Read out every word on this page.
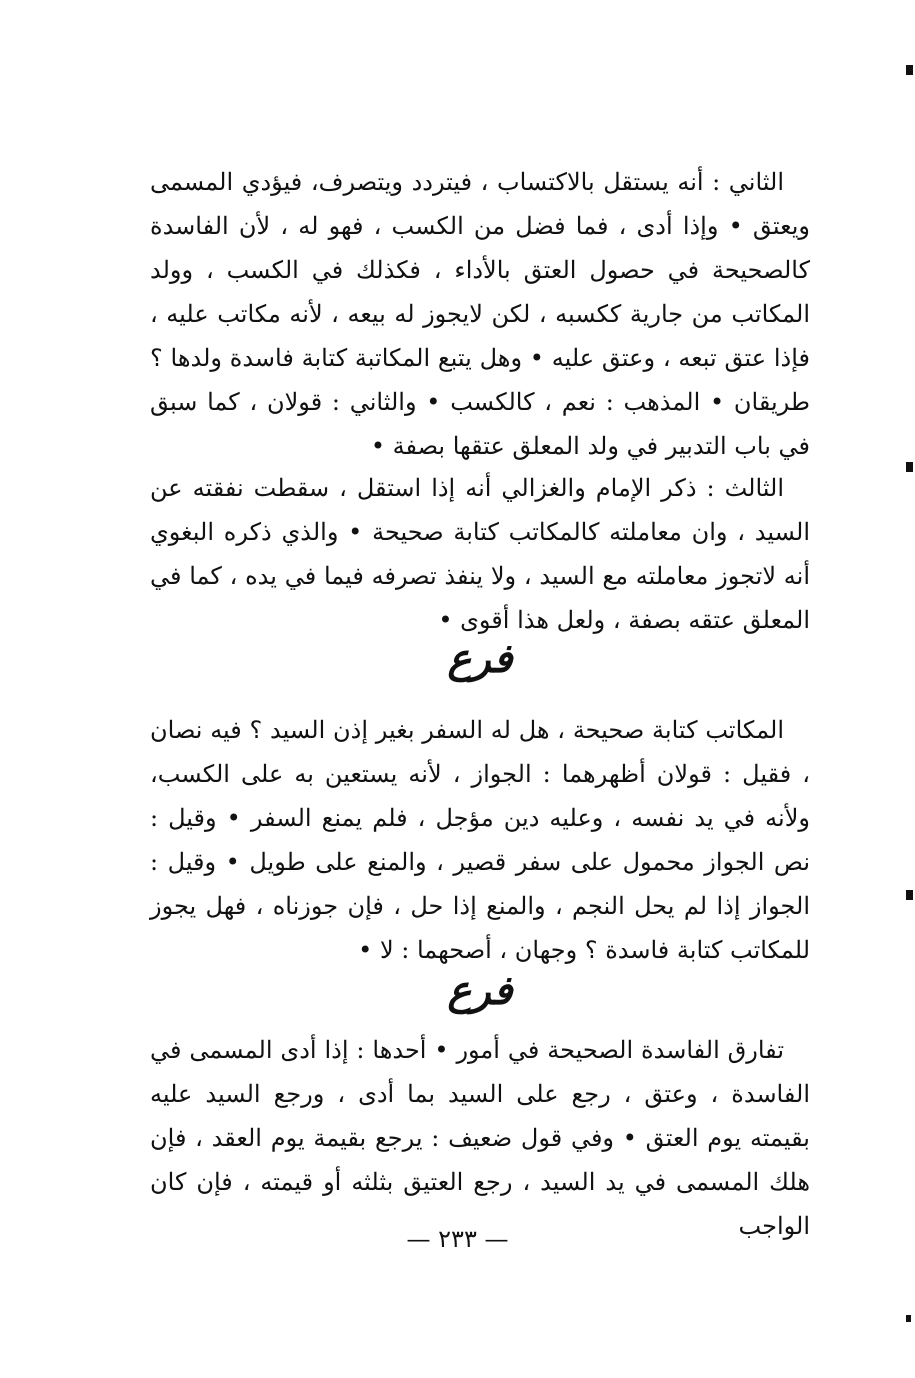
الثاني : أنه يستقل بالاكتساب ، فيتردد ويتصرف، فيؤدي المسمى ويعتق • وإذا أدى ، فما فضل من الكسب ، فهو له ، لأن الفاسدة كالصحيحة في حصول العتق بالأداء ، فكذلك في الكسب ، وولد المكاتب من جارية ككسبه ، لكن لايجوز له بيعه ، لأنه مكاتب عليه ، فإذا عتق تبعه ، وعتق عليه • وهل يتبع المكاتبة كتابة فاسدة ولدها ؟ طريقان • المذهب : نعم ، كالكسب • والثاني : قولان ، كما سبق في باب التدبير في ولد المعلق عتقها بصفة •

الثالث : ذكر الإمام والغزالي أنه إذا استقل ، سقطت نفقته عن السيد ، وان معاملته كالمكاتب كتابة صحيحة • والذي ذكره البغوي أنه لاتجوز معاملته مع السيد ، ولا ينفذ تصرفه فيما في يده ، كما في المعلق عتقه بصفة ، ولعل هذا أقوى •

فرع

المكاتب كتابة صحيحة ، هل له السفر بغير إذن السيد ؟ فيه نصان ، فقيل : قولان أظهرهما : الجواز ، لأنه يستعين به على الكسب، ولأنه في يد نفسه ، وعليه دين مؤجل ، فلم يمنع السفر • وقيل : نص الجواز محمول على سفر قصير ، والمنع على طويل • وقيل : الجواز إذا لم يحل النجم ، والمنع إذا حل ، فإن جوزناه ، فهل يجوز للمكاتب كتابة فاسدة ؟ وجهان ، أصحهما : لا •

فرع

تفارق الفاسدة الصحيحة في أمور • أحدها : إذا أدى المسمى في الفاسدة ، وعتق ، رجع على السيد بما أدى ، ورجع السيد عليه بقيمته يوم العتق • وفي قول ضعيف : يرجع بقيمة يوم العقد ، فإن هلك المسمى في يد السيد ، رجع العتيق بثلثه أو قيمته ، فإن كان الواجب

— ٢٣٣ —
